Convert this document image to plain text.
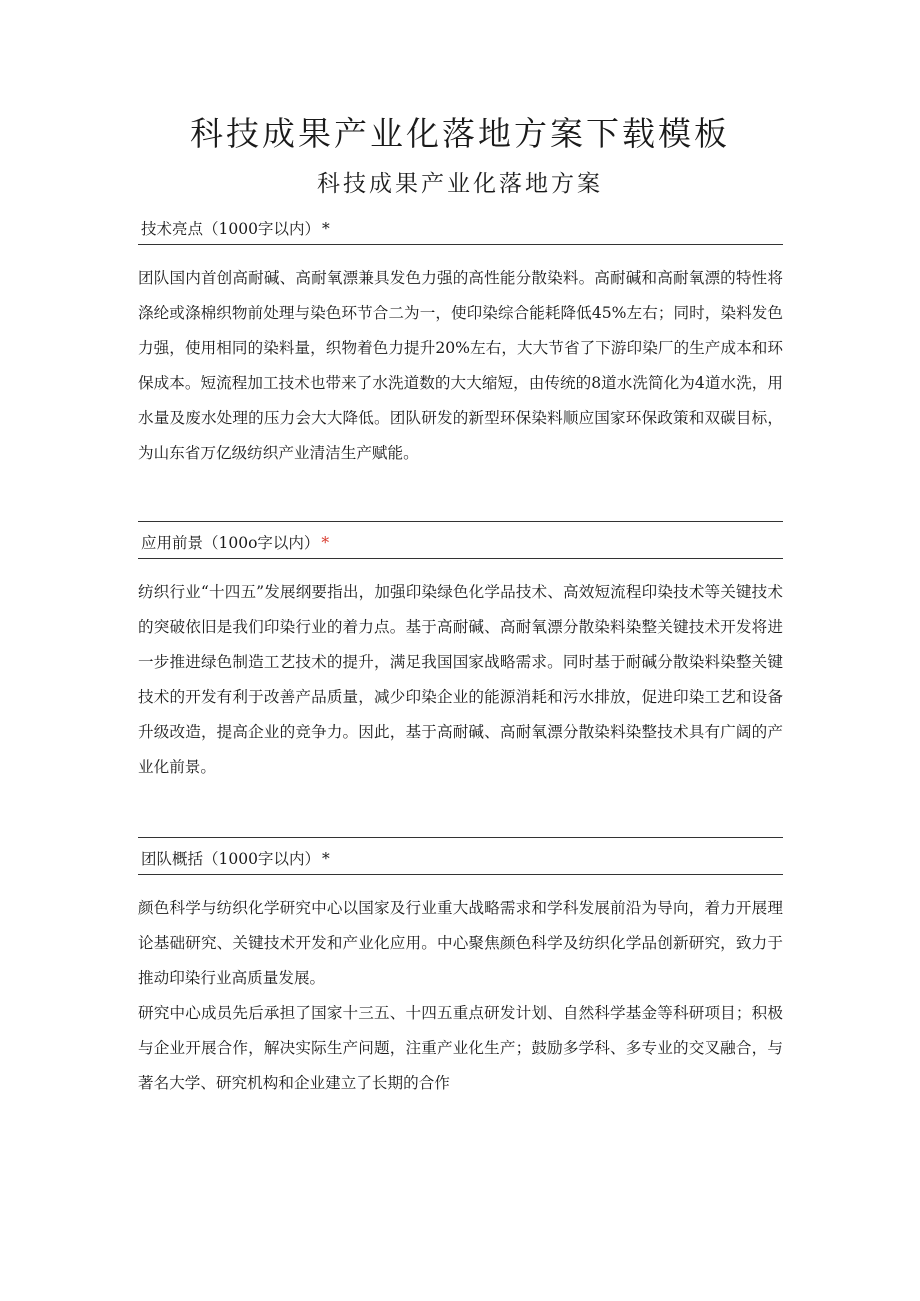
科技成果产业化落地方案下载模板
科技成果产业化落地方案
技术亮点（1000字以内） *

团队国内首创高耐碱、高耐氧漂兼具发色力强的高性能分散染料。高耐碱和高耐氧漂的特性将涤纶或涤棉织物前处理与染色环节合二为一，使印染综合能耗降低45%左右；同时，染料发色力强，使用相同的染料量，织物着色力提升20%左右，大大节省了下游印染厂的生产成本和环保成本。短流程加工技术也带来了水洗道数的大大缩短，由传统的8道水洗简化为4道水洗，用水量及废水处理的压力会大大降低。团队研发的新型环保染料顺应国家环保政策和双碳目标，为山东省万亿级纺织产业清洁生产赋能。

应用前景（100o字以内） *

纺织行业“十四五”发展纲要指出，加强印染绿色化学品技术、高效短流程印染技术等关键技术的突破依旧是我们印染行业的着力点。基于高耐碱、高耐氧漂分散染料染整关键技术开发将进一步推进绿色制造工艺技术的提升，满足我国国家战略需求。同时基于耐碱分散染料染整关键技术的开发有利于改善产品质量，减少印染企业的能源消耗和污水排放，促进印染工艺和设备升级改造，提高企业的竞争力。因此，基于高耐碱、高耐氧漂分散染料染整技术具有广阔的产业化前景。

团队概括（1000字以内） *

颜色科学与纺织化学研究中心以国家及行业重大战略需求和学科发展前沿为导向，着力开展理论基础研究、关键技术开发和产业化应用。中心聚焦颜色科学及纺织化学品创新研究，致力于推动印染行业高质量发展。

研究中心成员先后承担了国家十三五、十四五重点研发计划、自然科学基金等科研项目；积极与企业开展合作，解决实际生产问题，注重产业化生产；鼓励多学科、多专业的交叉融合，与著名大学、研究机构和企业建立了长期的合作
